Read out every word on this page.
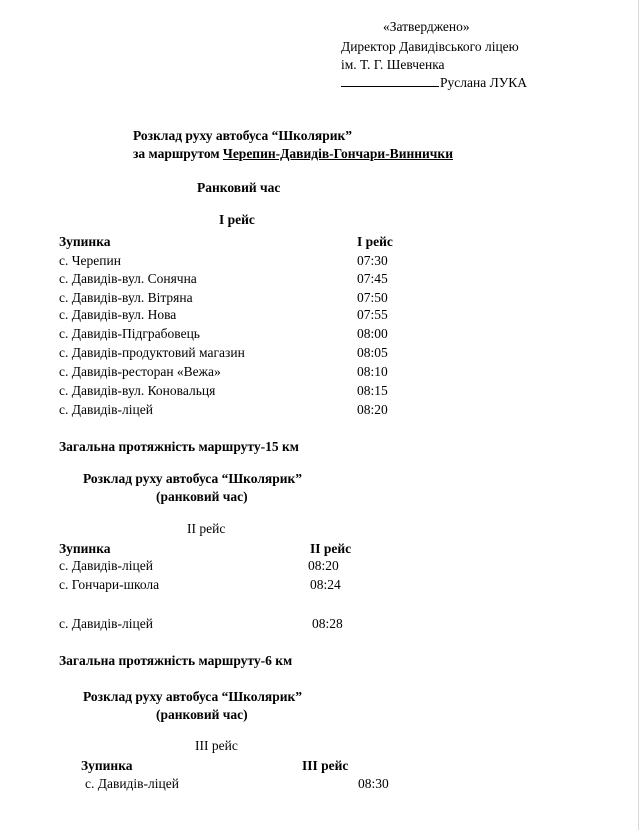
«Затверджено»
Директор Давидівського ліцею
ім. Т. Г. Шевченка
Руслана ЛУКА
Розклад руху автобуса “Школярик”
за маршрутом Черепин-Давидів-Гончари-Виннички
Ранковий час
І рейс
Зупинка	І рейс
с. Черепин	07:30
с. Давидів-вул. Сонячна	07:45
с. Давидів-вул. Вітряна	07:50
с. Давидів-вул. Нова	07:55
с. Давидів-Підграбовець	08:00
с. Давидів-продуктовий магазин	08:05
с. Давидів-ресторан «Вежа»	08:10
с. Давидів-вул. Коновальця	08:15
с. Давидів-ліцей	08:20
Загальна протяжність маршруту-15 км
Розклад руху автобуса “Школярик”
(ранковий час)
ІІ рейс
Зупинка	ІІ рейс
с. Давидів-ліцей	08:20
с. Гончари-школа	08:24
с. Давидів-ліцей	08:28
Загальна протяжність маршруту-6 км
Розклад руху автобуса “Школярик”
(ранковий час)
ІІІ рейс
Зупинка	ІІІ рейс
с. Давидів-ліцей	08:30
